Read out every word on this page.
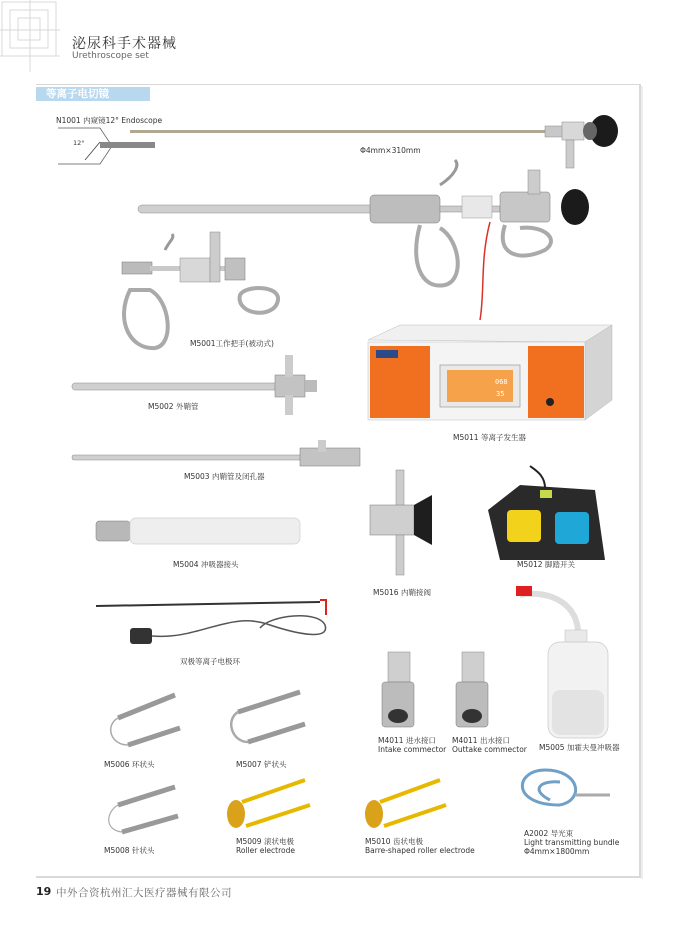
068
35
泌尿科手术器械
Urethroscope set
等离子电切镜
N1001 内窥镜12° Endoscope
12°
Φ4mm×310mm
M5001工作把手(被动式)
M5002 外鞘管
M5011 等离子发生器
M5003 内鞘管及闭孔器
M5004 冲吸器接头
M5016 内鞘接阀
M5012 脚踏开关
双极等离子电极环
M4011 进水接口
Intake commector
M4011 出水接口
Outtake commector M5005 加霍夫曼冲吸器
M5006 环状头	M5007 铲状头
M5008 针状头
M5009 滚状电极
Roller electrode
M5010 齿状电极
Barre-shaped roller electrode
A2002 导光束
Light transmitting bundle
Φ4mm×1800mm
19 中外合资杭州汇大医疗器械有限公司
